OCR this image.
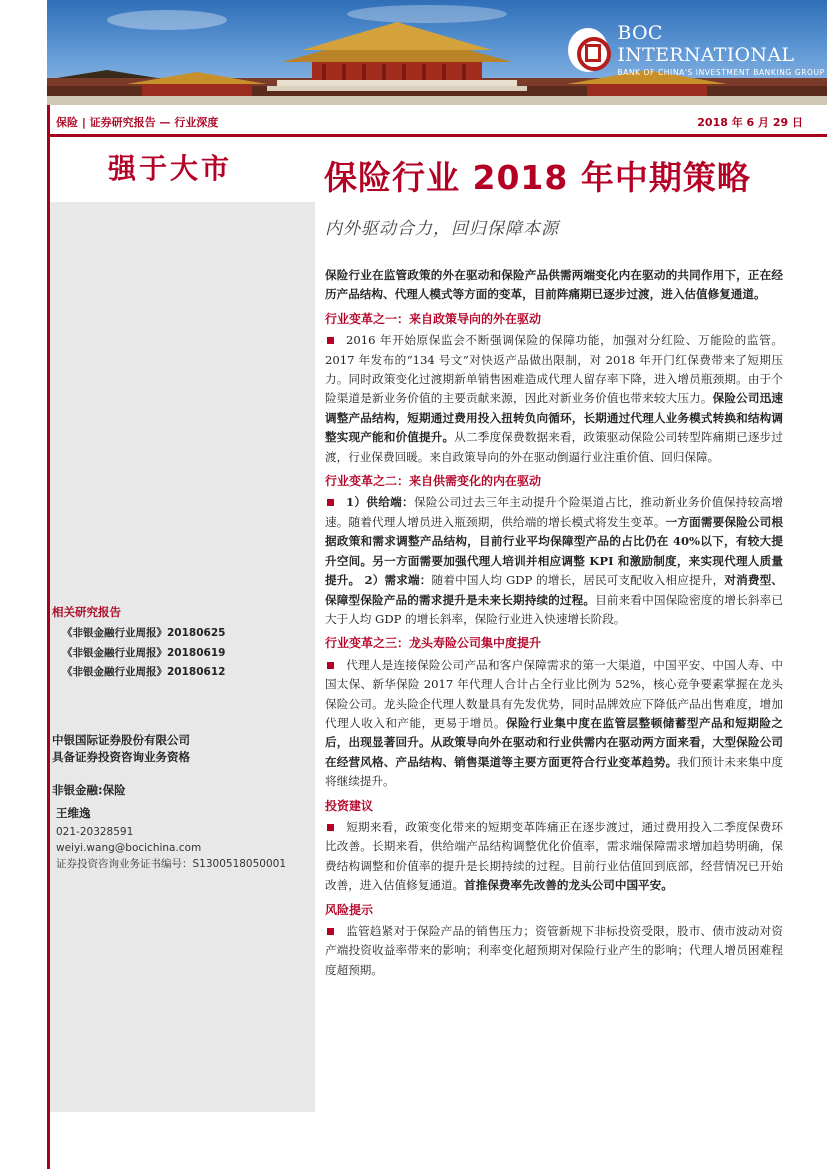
BOC INTERNATIONAL
BANK OF CHINA'S INVESTMENT BANKING GROUP
保险 | 证券研究报告 — 行业深度	2018 年 6 月 29 日
强于大市
相关研究报告
《非银金融行业周报》20180625
《非银金融行业周报》20180619
《非银金融行业周报》20180612
中银国际证券股份有限公司
具备证券投资咨询业务资格
非银金融:保险
王维逸
021-20328591
weiyi.wang@bocichina.com
证券投资咨询业务证书编号：S1300518050001
保险行业 2018 年中期策略
内外驱动合力，回归保障本源

保险行业在监管政策的外在驱动和保险产品供需两端变化内在驱动的共同作用下，正在经历产品结构、代理人模式等方面的变革，目前阵痛期已逐步过渡，进入估值修复通道。

行业变革之一：来自政策导向的外在驱动

2016 年开始原保监会不断强调保险的保障功能，加强对分红险、万能险的监管。2017 年发布的“134 号文”对快返产品做出限制，对 2018 年开门红保费带来了短期压力。同时政策变化过渡期新单销售困难造成代理人留存率下降，进入增员瓶颈期。由于个险渠道是新业务价值的主要贡献来源，因此对新业务价值也带来较大压力。保险公司迅速调整产品结构，短期通过费用投入扭转负向循环，长期通过代理人业务模式转换和结构调整实现产能和价值提升。从二季度保费数据来看，政策驱动保险公司转型阵痛期已逐步过渡，行业保费回暖。来自政策导向的外在驱动倒逼行业注重价值、回归保障。

行业变革之二：来自供需变化的内在驱动

1）供给端：保险公司过去三年主动提升个险渠道占比，推动新业务价值保持较高增速。随着代理人增员进入瓶颈期，供给端的增长模式将发生变革。一方面需要保险公司根据政策和需求调整产品结构，目前行业平均保障型产品的占比仍在 40%以下，有较大提升空间。另一方面需要加强代理人培训并相应调整 KPI 和激励制度，来实现代理人质量提升。 2）需求端：随着中国人均 GDP 的增长，居民可支配收入相应提升，对消费型、保障型保险产品的需求提升是未来长期持续的过程。目前来看中国保险密度的增长斜率已大于人均 GDP 的增长斜率，保险行业进入快速增长阶段。

行业变革之三：龙头寿险公司集中度提升

代理人是连接保险公司产品和客户保障需求的第一大渠道，中国平安、中国人寿、中国太保、新华保险 2017 年代理人合计占全行业比例为 52%，核心竞争要素掌握在龙头保险公司。龙头险企代理人数量具有先发优势，同时品牌效应下降低产品出售难度，增加代理人收入和产能，更易于增员。保险行业集中度在监管层整顿储蓄型产品和短期险之后，出现显著回升。从政策导向外在驱动和行业供需内在驱动两方面来看，大型保险公司在经营风格、产品结构、销售渠道等主要方面更符合行业变革趋势。我们预计未来集中度将继续提升。

投资建议

短期来看，政策变化带来的短期变革阵痛正在逐步渡过，通过费用投入二季度保费环比改善。长期来看，供给端产品结构调整优化价值率，需求端保障需求增加趋势明确，保费结构调整和价值率的提升是长期持续的过程。目前行业估值回到底部，经营情况已开始改善，进入估值修复通道。首推保费率先改善的龙头公司中国平安。

风险提示

监管趋紧对于保险产品的销售压力；资管新规下非标投资受限，股市、债市波动对资产端投资收益率带来的影响；利率变化超预期对保险行业产生的影响；代理人增员困难程度超预期。
